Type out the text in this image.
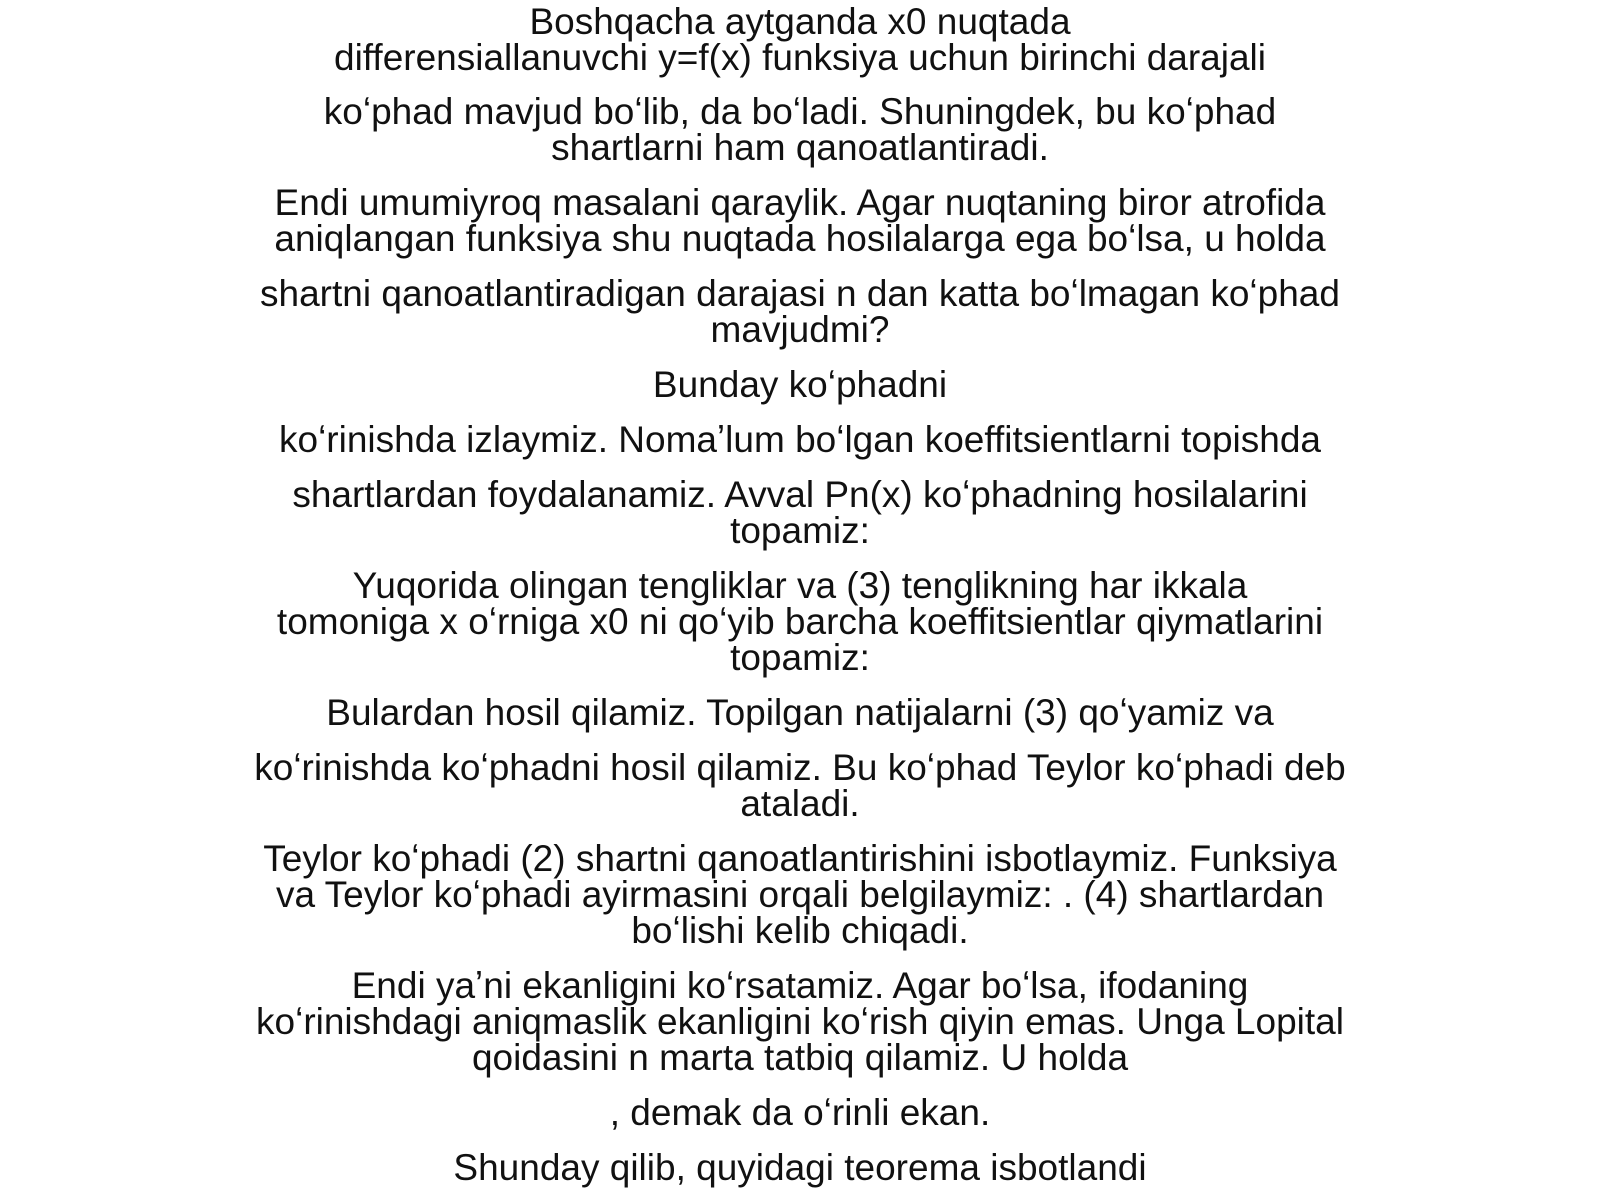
Boshqacha aytganda x0 nuqtada
differensiallanuvchi y=f(x) funksiya uchun birinchi darajali

koʻphad mavjud boʻlib, da boʻladi. Shuningdek, bu koʻphad
shartlarni ham qanoatlantiradi.

Endi umumiyroq masalani qaraylik. Agar nuqtaning biror atrofida
aniqlangan funksiya shu nuqtada hosilalarga ega boʻlsa, u holda

shartni qanoatlantiradigan darajasi n dan katta boʻlmagan koʻphad
mavjudmi?

Bunday koʻphadni

koʻrinishda izlaymiz. Nomaʼlum boʻlgan koeffitsientlarni topishda

shartlardan foydalanamiz. Avval Pn(x) koʻphadning hosilalarini
topamiz:

Yuqorida olingan tengliklar va (3) tenglikning har ikkala
tomoniga x oʻrniga x0 ni qoʻyib barcha koeffitsientlar qiymatlarini
topamiz:

Bulardan hosil qilamiz. Topilgan natijalarni (3) qoʻyamiz va

koʻrinishda koʻphadni hosil qilamiz. Bu koʻphad Teylor koʻphadi deb
ataladi.

Teylor koʻphadi (2) shartni qanoatlantirishini isbotlaymiz. Funksiya
va Teylor koʻphadi ayirmasini orqali belgilaymiz: . (4) shartlardan
boʻlishi kelib chiqadi.

Endi yaʼni ekanligini koʻrsatamiz. Agar boʻlsa, ifodaning
koʻrinishdagi aniqmaslik ekanligini koʻrish qiyin emas. Unga Lopital
qoidasini n marta tatbiq qilamiz. U holda

, demak da oʻrinli ekan.

Shunday qilib, quyidagi teorema isbotlandi
